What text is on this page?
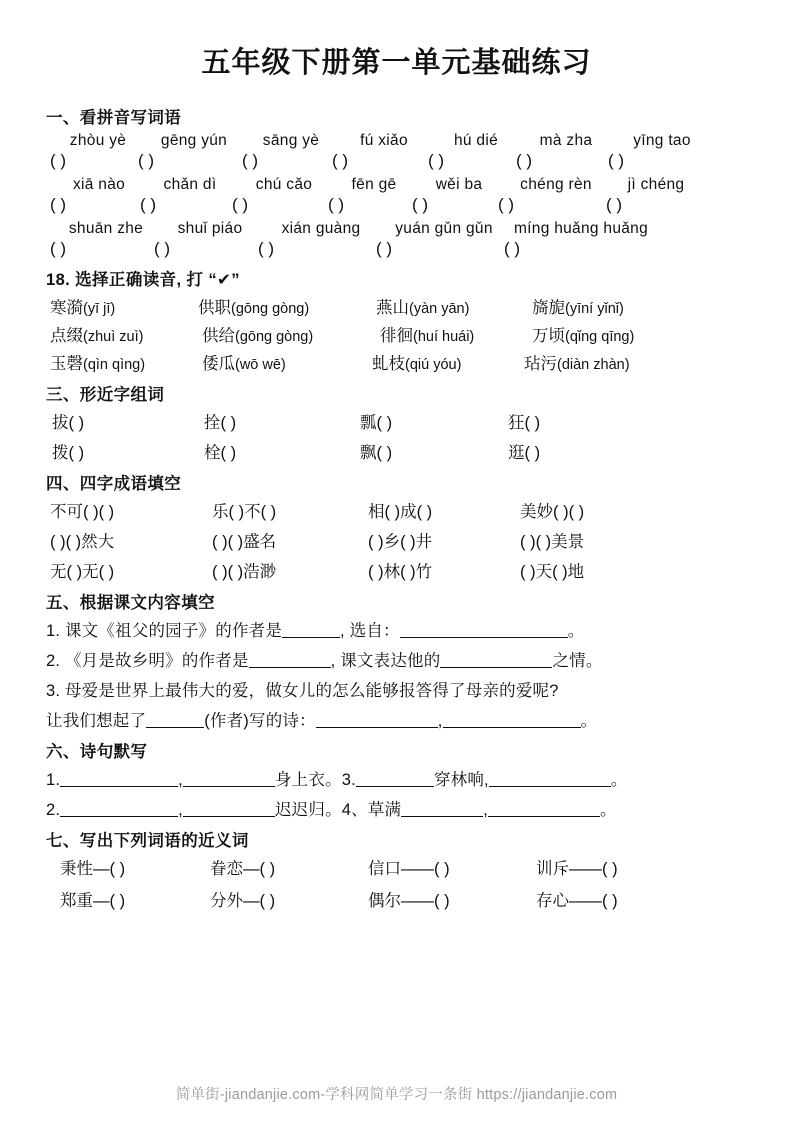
五年级下册第一单元基础练习
一、看拼音写词语
zhòu yè	gēng yún	sāng yè	fú xiǎo	hú dié	mà zha	yīng tao
( )	( )	( )	( )	( )	( )	( )
xiā nào	chǎn dì	chú cǎo	fēn gē	wěi ba	chéng rèn	jì chéng
( )	( )	( )	( )	( )	( )	( )
shuān zhe	shuǐ piáo	xián guàng	yuán gǔn gǔn	míng huǎng huǎng
( )	( )	( )	( )	( )
18. 选择正确读音, 打 “✔”
寒漪(yī jī)	供职(gōng gòng)	燕山(yàn yān)	旖旎(yīní yǐnǐ)
点缀(zhuì zuì)	供给(gōng gòng)	徘徊(huí huái)	万顷(qǐng qīng)
玉磬(qìn qìng)	倭瓜(wō wē)	虬枝(qiú yóu)	玷污(diàn zhàn)
三、形近字组词
拔( )	拴( )	瓢( )	狂( )
拨( )	栓( )	飘( )	逛( )
四、四字成语填空
不可( )( )	乐( )不( )	相( )成( )	美妙( )( )
( )( )然大	( )( )盛名	( )乡( )井	( )( )美景
无( )无( )	( )( )浩渺	( )林( )竹	( )天( )地
五、根据课文内容填空
1. 课文《祖父的园子》的作者是	, 选自：	。
2. 《月是故乡明》的作者是	, 课文表达他的	之情。
3. 母爱是世界上最伟大的爱，做女儿的怎么能够报答得了母亲的爱呢?
让我们想起了	(作者)写的诗：	,	。
六、诗句默写
1.	,	身上衣。3.	穿林响,	。
2.	,	迟迟归。4、草满	,	。
七、写出下列词语的近义词
秉性—( )	眷恋—( )	信口——( )	训斥——( )
郑重—( )	分外—( )	偶尔——( )	存心——( )
简单街-jiandanjie.com-学科网简单学习一条街 https://jiandanjie.com
